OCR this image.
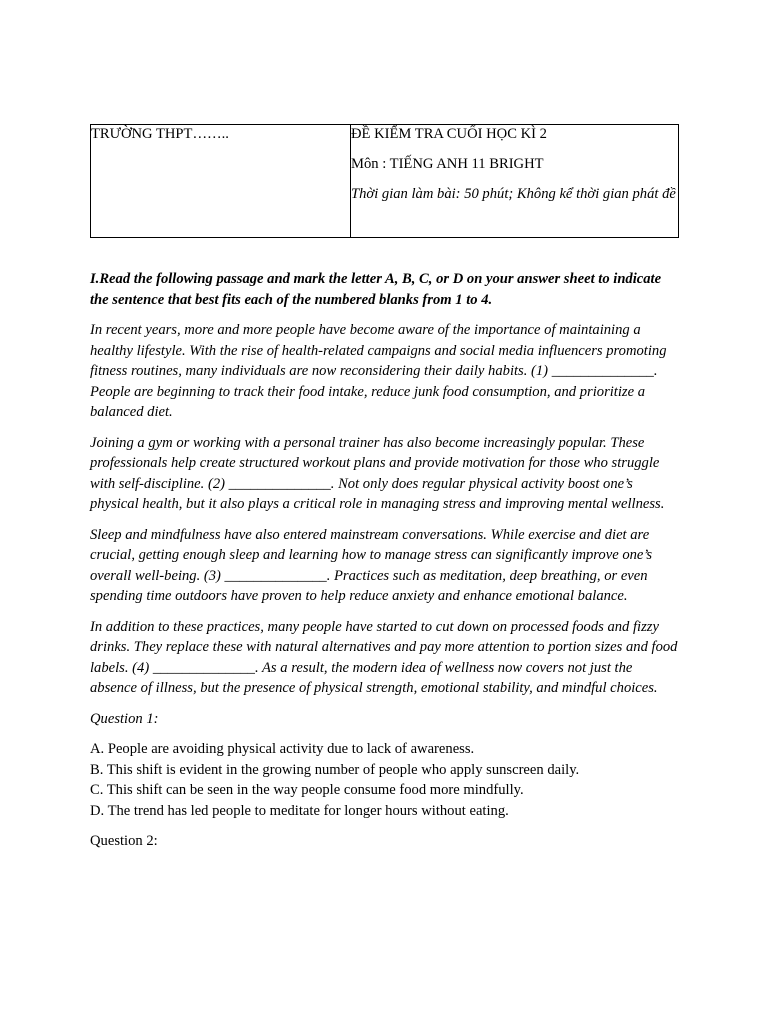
TRƯỜNG THPT……..	ĐỀ KIỂM TRA CUỐI HỌC KÌ 2

Môn : TIẾNG ANH 11 BRIGHT

Thời gian làm bài: 50 phút; Không kể thời gian phát đề

I.Read the following passage and mark the letter A, B, C, or D on your answer sheet to indicate the sentence that best fits each of the numbered blanks from 1 to 4.

In recent years, more and more people have become aware of the importance of maintaining a healthy lifestyle. With the rise of health-related campaigns and social media influencers promoting fitness routines, many individuals are now reconsidering their daily habits. (1) ______________. People are beginning to track their food intake, reduce junk food consumption, and prioritize a balanced diet.

Joining a gym or working with a personal trainer has also become increasingly popular. These professionals help create structured workout plans and provide motivation for those who struggle with self-discipline. (2) ______________. Not only does regular physical activity boost one’s physical health, but it also plays a critical role in managing stress and improving mental wellness.

Sleep and mindfulness have also entered mainstream conversations. While exercise and diet are crucial, getting enough sleep and learning how to manage stress can significantly improve one’s overall well-being. (3) ______________. Practices such as meditation, deep breathing, or even spending time outdoors have proven to help reduce anxiety and enhance emotional balance.

In addition to these practices, many people have started to cut down on processed foods and fizzy drinks. They replace these with natural alternatives and pay more attention to portion sizes and food labels. (4) ______________. As a result, the modern idea of wellness now covers not just the absence of illness, but the presence of physical strength, emotional stability, and mindful choices.

Question 1:

A. People are avoiding physical activity due to lack of awareness.
B. This shift is evident in the growing number of people who apply sunscreen daily.
C. This shift can be seen in the way people consume food more mindfully.
D. The trend has led people to meditate for longer hours without eating.

Question 2:
